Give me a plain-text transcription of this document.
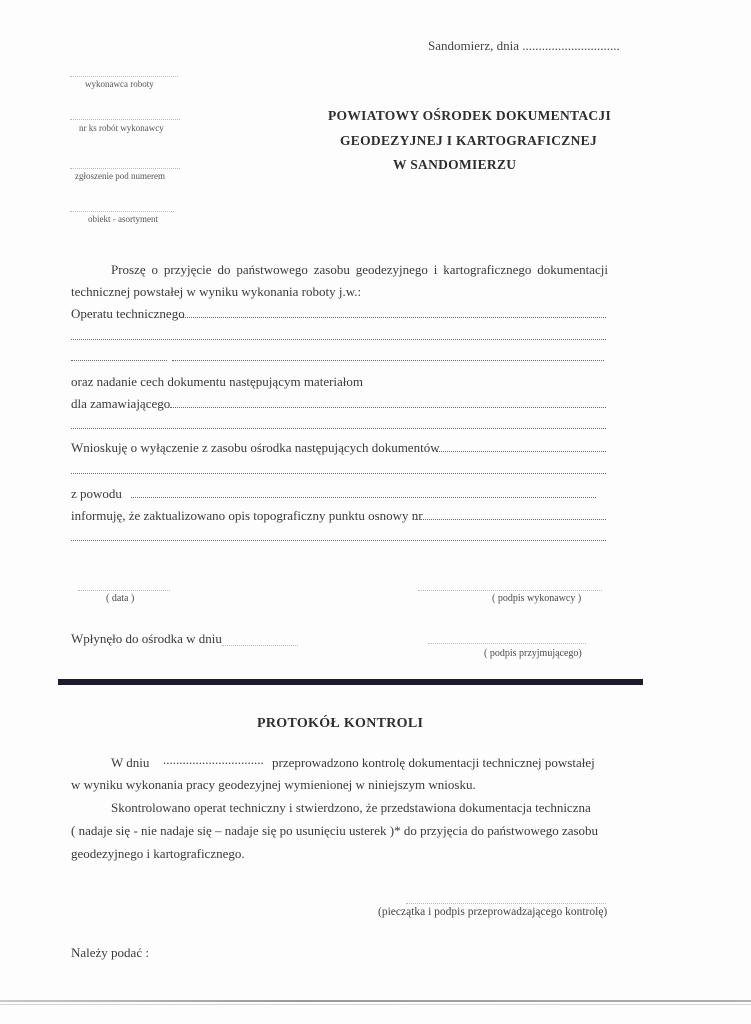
Sandomierz, dnia ..............................
wykonawca roboty
nr ks robót wykonawcy
zgłoszenie pod numerem
obiekt - asortyment
POWIATOWY OŚRODEK DOKUMENTACJI
GEODEZYJNEJ I KARTOGRAFICZNEJ
W SANDOMIERZU
Proszę o przyjęcie do państwowego zasobu geodezyjnego i kartograficznego dokumentacji
technicznej powstałej w wyniku wykonania roboty j.w.:
Operatu technicznego
oraz nadanie cech dokumentu następującym materiałom
dla zamawiającego
Wnioskuję o wyłączenie z zasobu ośrodka następujących dokumentów
z powodu
informuję, że zaktualizowano opis topograficzny punktu osnowy nr
( data )	( podpis wykonawcy )
Wpłynęło do ośrodka w dniu
( podpis przyjmującego)
PROTOKÓŁ KONTROLI
W dniu ............................... przeprowadzono kontrolę dokumentacji technicznej powstałej
w wyniku wykonania pracy geodezyjnej wymienionej w niniejszym wniosku.
Skontrolowano operat techniczny i stwierdzono, że przedstawiona dokumentacja techniczna
( nadaje się - nie nadaje się – nadaje się po usunięciu usterek )* do przyjęcia do państwowego zasobu
geodezyjnego i kartograficznego.
(pieczątka i podpis przeprowadzającego kontrolę)
Należy podać :
